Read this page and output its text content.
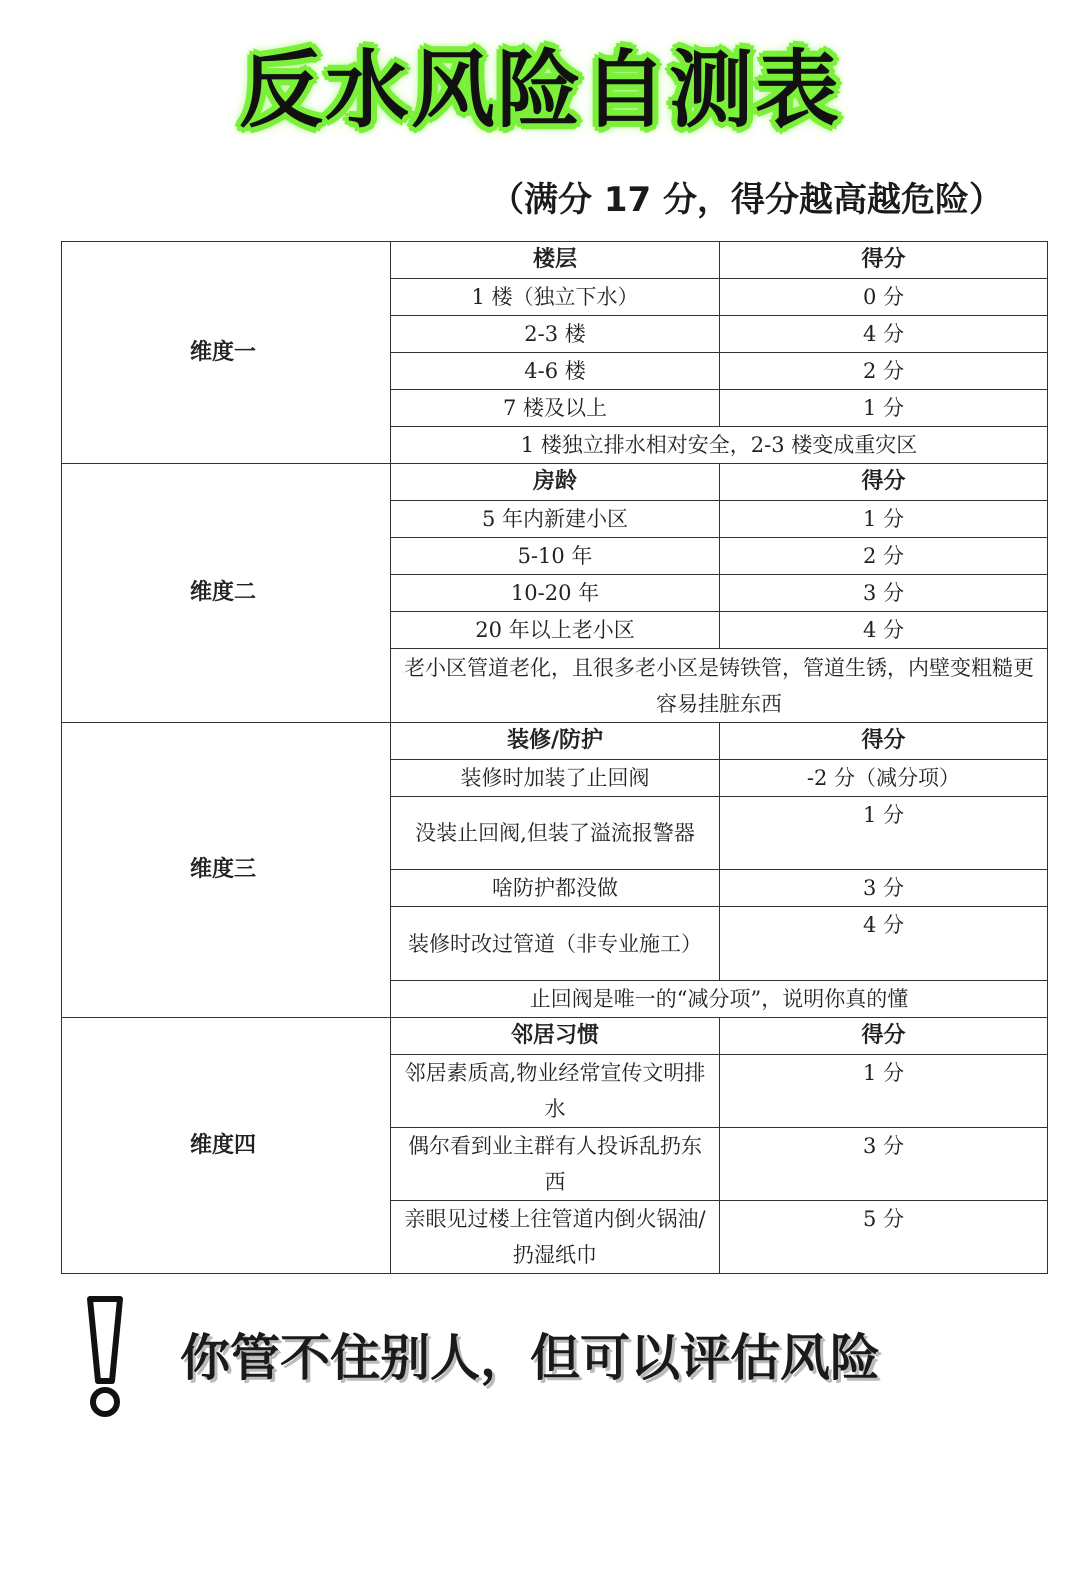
反水风险自测表
（满分 17 分，得分越高越危险）
维度一	楼层	得分
	1 楼（独立下水）	0 分
	2-3 楼	4 分
	4-6 楼	2 分
	7 楼及以上	1 分
	1 楼独立排水相对安全，2-3 楼变成重灾区	
维度二	房龄	得分
	5 年内新建小区	1 分
	5-10 年	2 分
	10-20 年	3 分
	20 年以上老小区	4 分
	老小区管道老化，且很多老小区是铸铁管，管道生锈，内壁变粗糙更容易挂脏东西	
维度三	装修/防护	得分
	装修时加装了止回阀	-2 分（减分项）
	没装止回阀,但装了溢流报警器	1 分
	啥防护都没做	3 分
	装修时改过管道（非专业施工）	4 分
	止回阀是唯一的“减分项”，说明你真的懂	
维度四	邻居习惯	得分
	邻居素质高,物业经常宣传文明排水	1 分
	偶尔看到业主群有人投诉乱扔东西	3 分
	亲眼见过楼上往管道内倒火锅油/扔湿纸巾	5 分
你管不住别人，但可以评估风险
